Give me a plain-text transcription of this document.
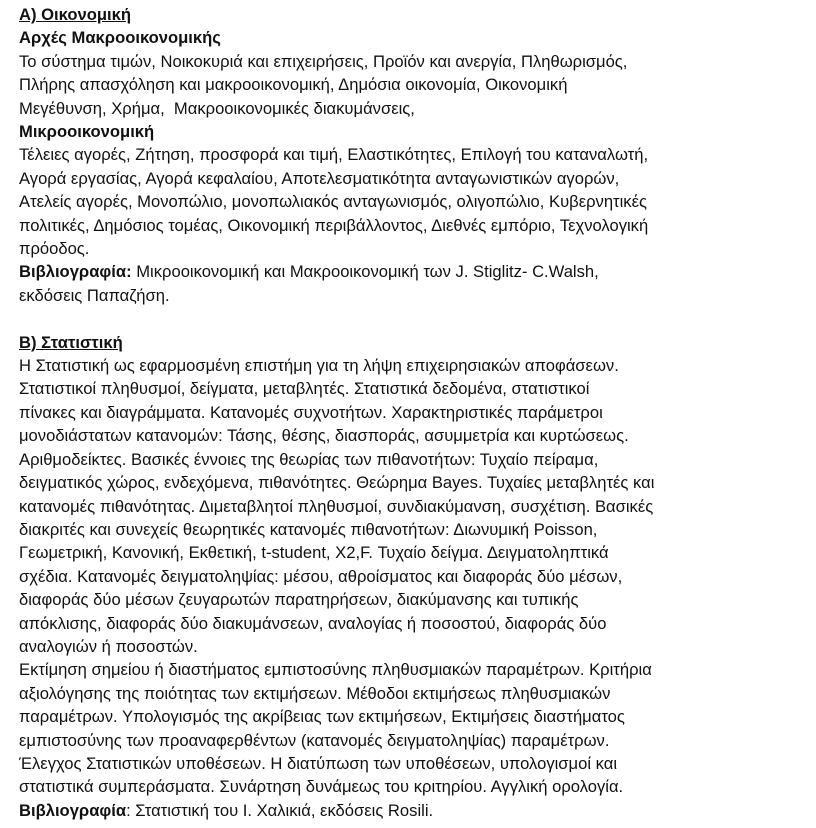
Α) Οικονομική
Αρχές Μακροοικονομικής
Το σύστημα τιμών, Νοικοκυριά και επιχειρήσεις, Προϊόν και ανεργία, Πληθωρισμός,
Πλήρης απασχόληση και μακροοικονομική, Δημόσια οικονομία, Οικονομική
Μεγέθυνση, Χρήμα,  Μακροοικονομικές διακυμάνσεις,
Μικροοικονομική
Τέλειες αγορές, Ζήτηση, προσφορά και τιμή, Ελαστικότητες, Επιλογή του καταναλωτή,
Αγορά εργασίας, Αγορά κεφαλαίου, Αποτελεσματικότητα ανταγωνιστικών αγορών,
Ατελείς αγορές, Μονοπώλιο, μονοπωλιακός ανταγωνισμός, ολιγοπώλιο, Κυβερνητικές
πολιτικές, Δημόσιος τομέας, Οικονομική περιβάλλοντος, Διεθνές εμπόριο, Τεχνολογική
πρόοδος.
Βιβλιογραφία: Μικροοικονομική και Μακροοικονομική των J. Stiglitz- C.Walsh,
εκδόσεις Παπαζήση.
Β) Στατιστική
Η Στατιστική ως εφαρμοσμένη επιστήμη για τη λήψη επιχειρησιακών αποφάσεων.
Στατιστικοί πληθυσμοί, δείγματα, μεταβλητές. Στατιστικά δεδομένα, στατιστικοί
πίνακες και διαγράμματα. Κατανομές συχνοτήτων. Χαρακτηριστικές παράμετροι
μονοδιάστατων κατανομών: Τάσης, θέσης, διασποράς, ασυμμετρία και κυρτώσεως.
Αριθμοδείκτες. Βασικές έννοιες της θεωρίας των πιθανοτήτων: Τυχαίο πείραμα,
δειγματικός χώρος, ενδεχόμενα, πιθανότητες. Θεώρημα Bayes. Τυχαίες μεταβλητές και
κατανομές πιθανότητας. Διμεταβλητοί πληθυσμοί, συνδιακύμανση, συσχέτιση. Βασικές
διακριτές και συνεχείς θεωρητικές κατανομές πιθανοτήτων: Διωνυμική Poisson,
Γεωμετρική, Κανονική, Εκθετική, t-student, X2,F. Τυχαίο δείγμα. Δειγματοληπτικά
σχέδια. Κατανομές δειγματοληψίας: μέσου, αθροίσματος και διαφοράς δύο μέσων,
διαφοράς δύο μέσων ζευγαρωτών παρατηρήσεων, διακύμανσης και τυπικής
απόκλισης, διαφοράς δύο διακυμάνσεων, αναλογίας ή ποσοστού, διαφοράς δύο
αναλογιών ή ποσοστών.
Εκτίμηση σημείου ή διαστήματος εμπιστοσύνης πληθυσμιακών παραμέτρων. Κριτήρια
αξιολόγησης της ποιότητας των εκτιμήσεων. Μέθοδοι εκτιμήσεως πληθυσμιακών
παραμέτρων. Υπολογισμός της ακρίβειας των εκτιμήσεων, Εκτιμήσεις διαστήματος
εμπιστοσύνης των προαναφερθέντων (κατανομές δειγματοληψίας) παραμέτρων.
Έλεγχος Στατιστικών υποθέσεων. Η διατύπωση των υποθέσεων, υπολογισμοί και
στατιστικά συμπεράσματα. Συνάρτηση δυνάμεως του κριτηρίου. Αγγλική ορολογία.
Βιβλιογραφία: Στατιστική του Ι. Χαλικιά, εκδόσεις Rosili.
